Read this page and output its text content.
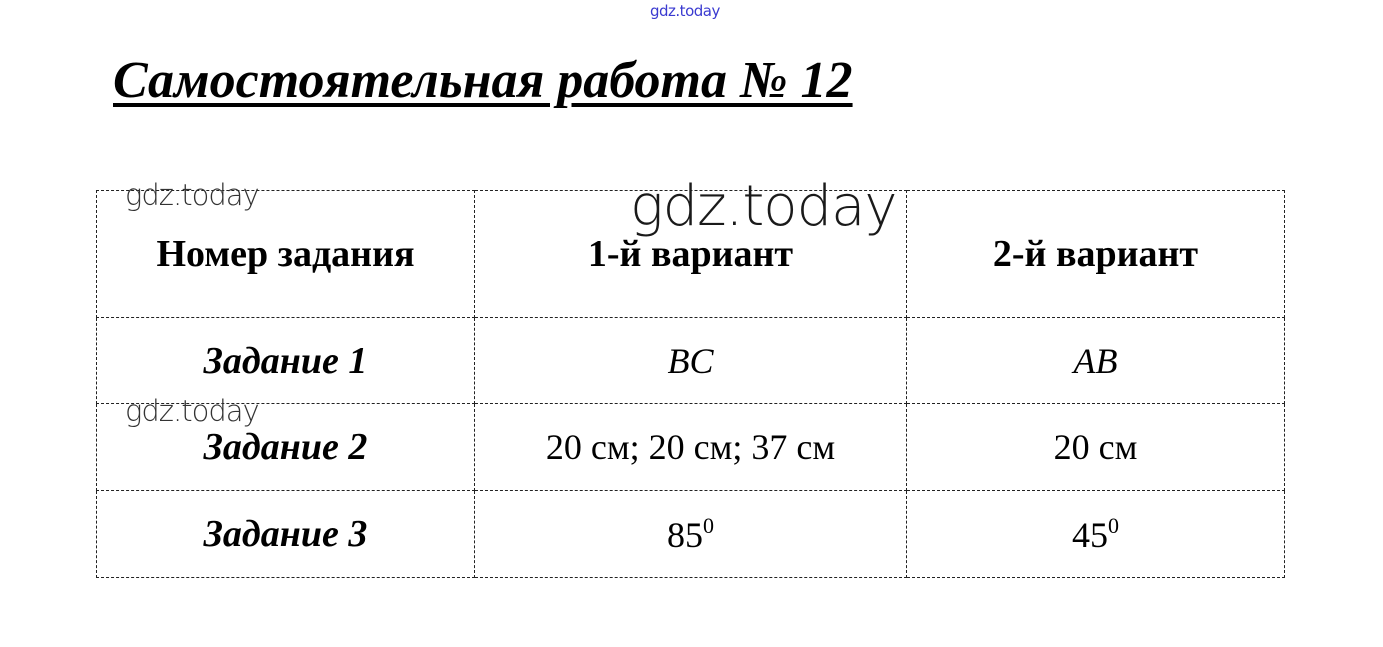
gdz.today
Самостоятельная работа № 12
Номер задания	1-й вариант	2-й вариант
Задание 1	BC	AB
Задание 2	20 см; 20 см; 37 см	20 см
Задание 3	$85^0$	$45^0$
gdz.today
gdz.today
gdz.today
